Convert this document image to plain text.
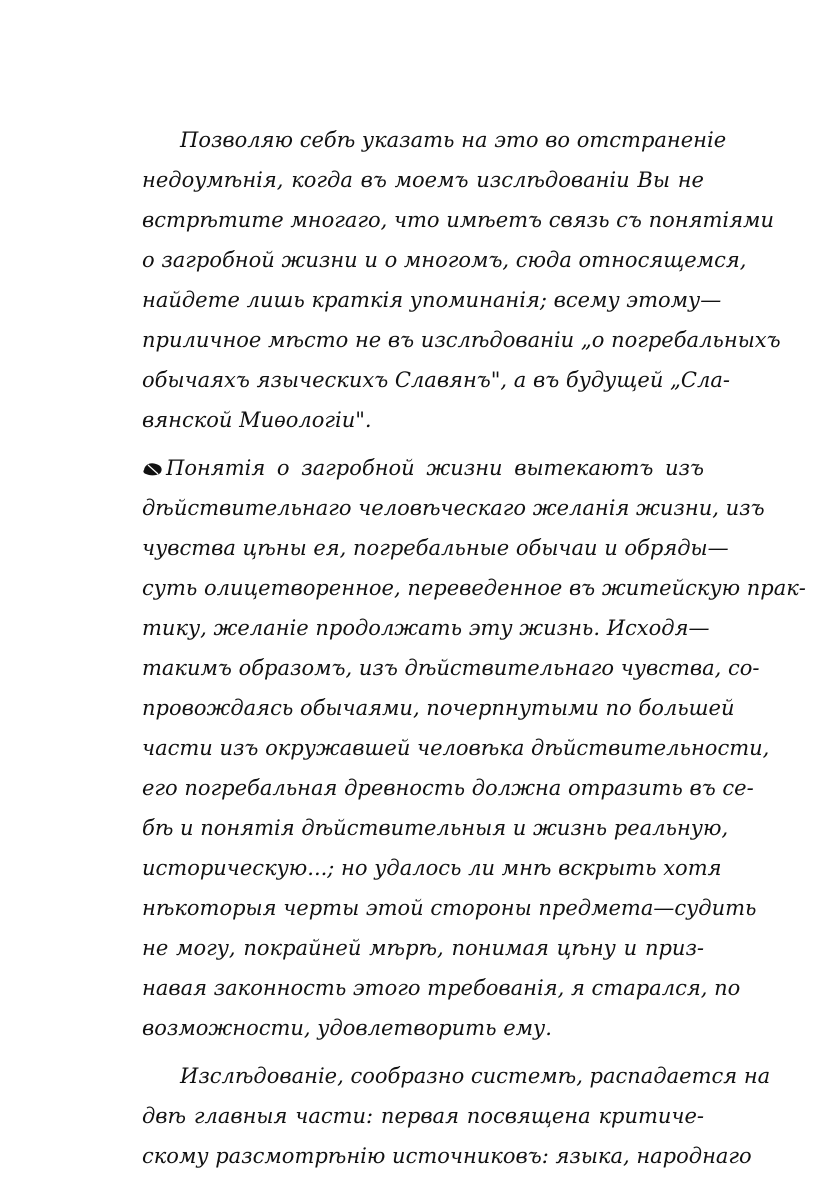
Позволяю себѣ указать на это во отстраненіе
недоумѣнія, когда въ моемъ изслѣдованіи Вы не
встрѣтите многаго, что имѣетъ связь съ понятіями
о загробной жизни и о многомъ, сюда относящемся,
найдете лишь краткія упоминанія; всему этому—
приличное мѣсто не въ изслѣдованіи „о погребальныхъ
обычаяхъ языческихъ Славянъ", а въ будущей „Сла-
вянской Миѳологіи".
Понятія о загробной жизни вытекаютъ изъ
дѣйствительнаго человѣческаго желанія жизни, изъ
чувства цѣны ея, погребальные обычаи и обряды—
суть олицетворенное, переведенное въ житейскую прак-
тику, желаніе продолжать эту жизнь. Исходя—
такимъ образомъ, изъ дѣйствительнаго чувства, со-
провождаясь обычаями, почерпнутыми по большей
части изъ окружавшей человѣка дѣйствительности,
его погребальная древность должна отразить въ се-
бѣ и понятія дѣйствительныя и жизнь реальную,
историческую...; но удалось ли мнѣ вскрыть хотя
нѣкоторыя черты этой стороны предмета—судить
не могу, покрайней мѣрѣ, понимая цѣну и приз-
навая законность этого требованія, я старался, по
возможности, удовлетворить ему.
Изслѣдованіе, сообразно системѣ, распадается на
двѣ главныя части: первая посвящена критиче-
скому разсмотрѣнію источниковъ: языка, народнаго
